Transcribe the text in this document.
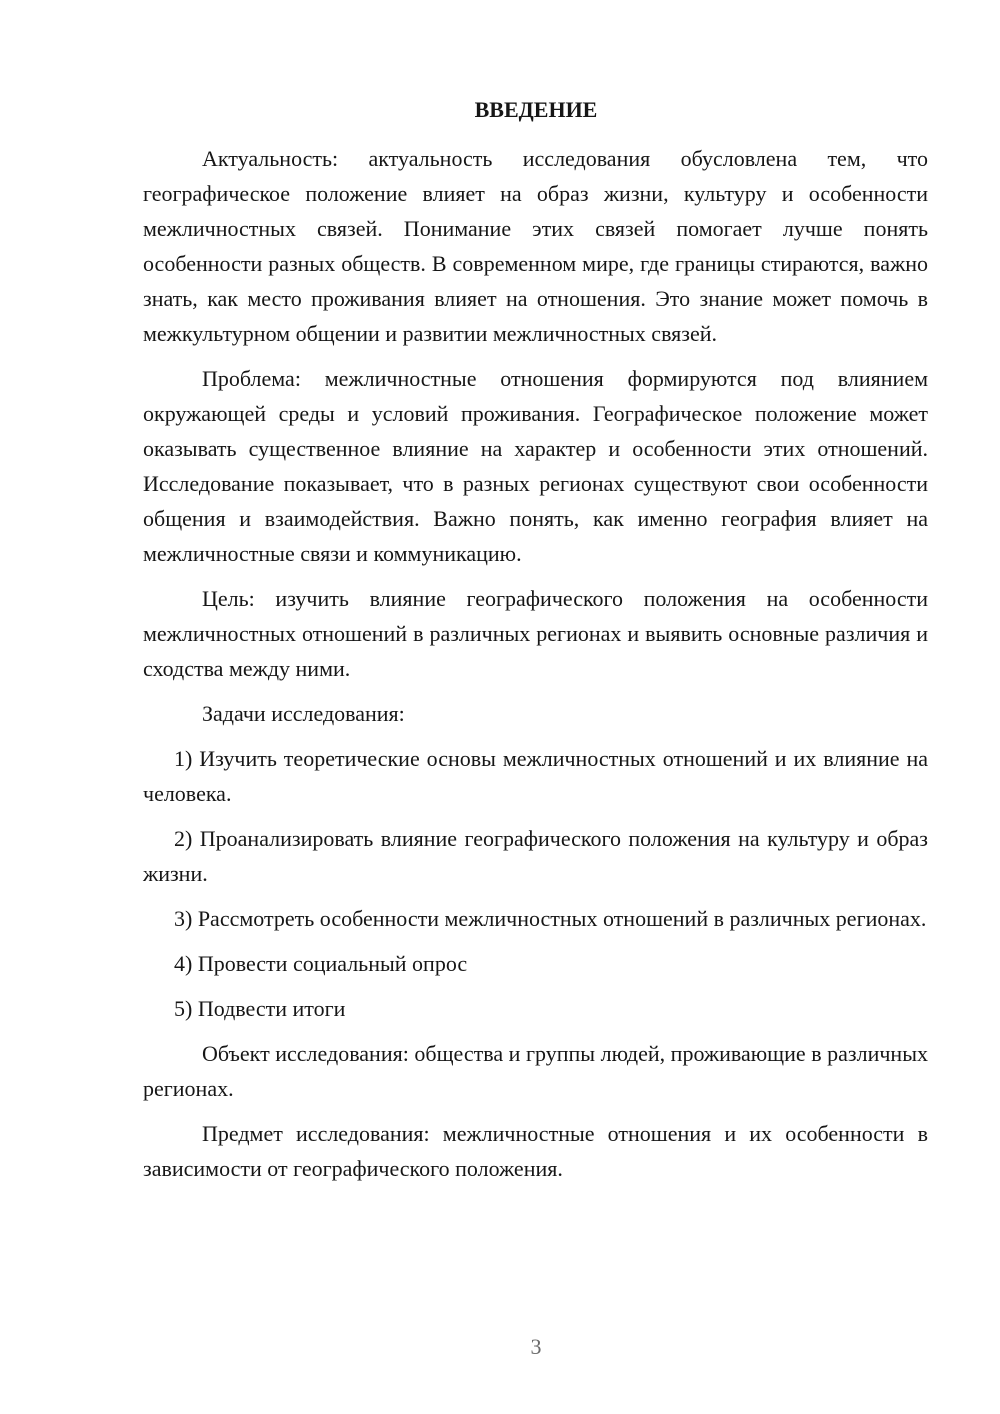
ВВЕДЕНИЕ

Актуальность: актуальность исследования обусловлена тем, что географическое положение влияет на образ жизни, культуру и особенности межличностных связей. Понимание этих связей помогает лучше понять особенности разных обществ. В современном мире, где границы стираются, важно знать, как место проживания влияет на отношения. Это знание может помочь в межкультурном общении и развитии межличностных связей.

Проблема: межличностные отношения формируются под влиянием окружающей среды и условий проживания. Географическое положение может оказывать существенное влияние на характер и особенности этих отношений. Исследование показывает, что в разных регионах существуют свои особенности общения и взаимодействия. Важно понять, как именно география влияет на межличностные связи и коммуникацию.

Цель: изучить влияние географического положения на особенности межличностных отношений в различных регионах и выявить основные различия и сходства между ними.

Задачи исследования:

1) Изучить теоретические основы межличностных отношений и их влияние на человека.

2) Проанализировать влияние географического положения на культуру и образ жизни.

3) Рассмотреть особенности межличностных отношений в различных регионах.

4) Провести социальный опрос

5) Подвести итоги

Объект исследования: общества и группы людей, проживающие в различных регионах.

Предмет исследования: межличностные отношения и их особенности в зависимости от географического положения.

3
